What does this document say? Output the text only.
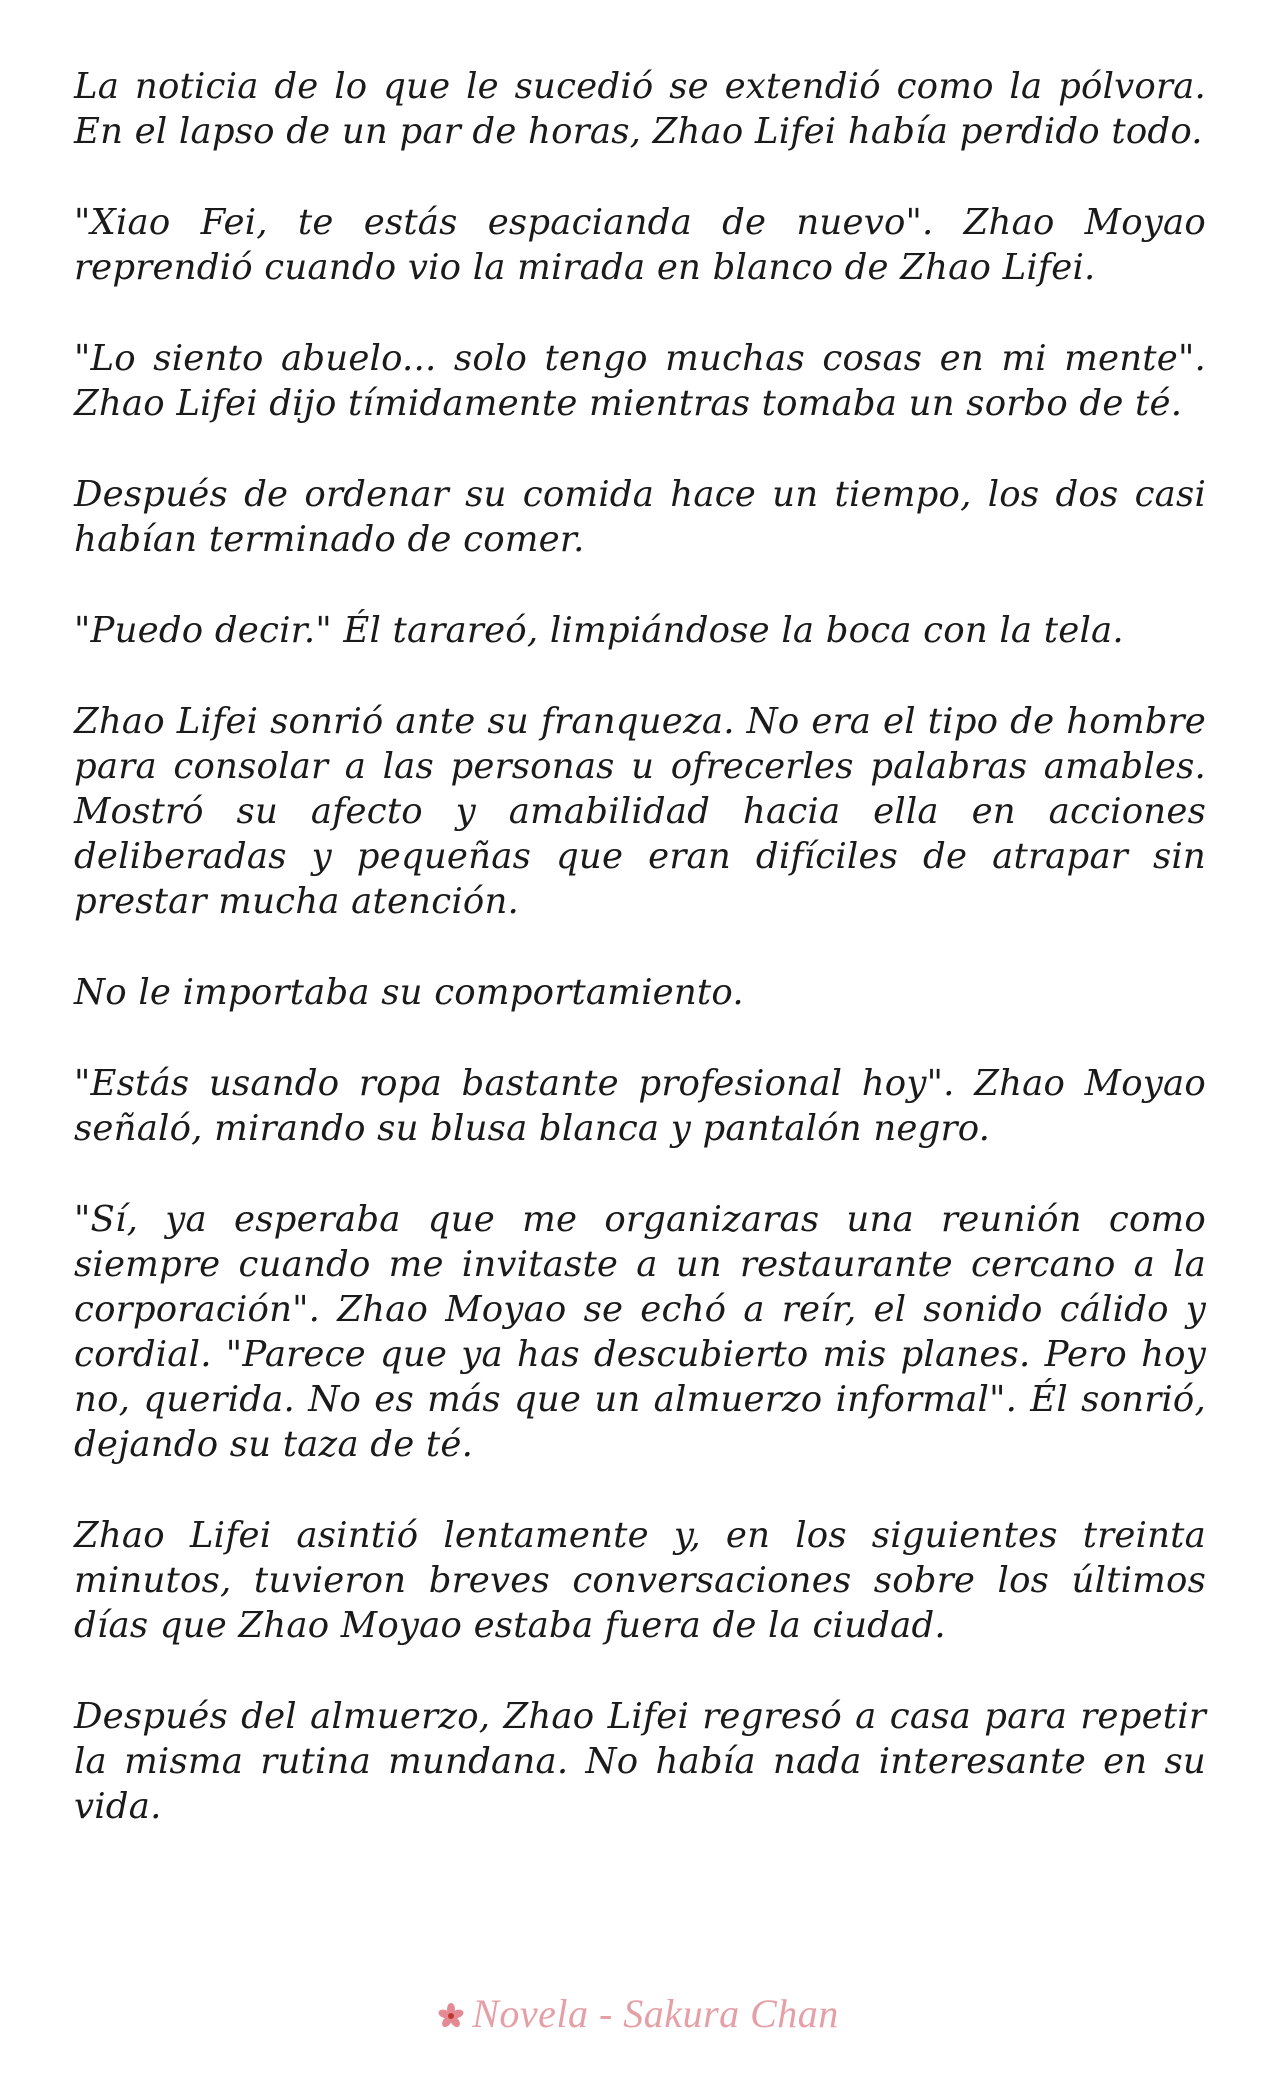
La noticia de lo que le sucedió se extendió como la pólvora. En el lapso de un par de horas, Zhao Lifei había perdido todo.

"Xiao Fei, te estás espacianda de nuevo". Zhao Moyao reprendió cuando vio la mirada en blanco de Zhao Lifei.

"Lo siento abuelo... solo tengo muchas cosas en mi mente". Zhao Lifei dijo tímidamente mientras tomaba un sorbo de té.

Después de ordenar su comida hace un tiempo, los dos casi habían terminado de comer.

"Puedo decir." Él tarareó, limpiándose la boca con la tela.

Zhao Lifei sonrió ante su franqueza. No era el tipo de hombre para consolar a las personas u ofrecerles palabras amables. Mostró su afecto y amabilidad hacia ella en acciones deliberadas y pequeñas que eran difíciles de atrapar sin prestar mucha atención.

No le importaba su comportamiento.

"Estás usando ropa bastante profesional hoy". Zhao Moyao señaló, mirando su blusa blanca y pantalón negro.

"Sí, ya esperaba que me organizaras una reunión como siempre cuando me invitaste a un restaurante cercano a la corporación". Zhao Moyao se echó a reír, el sonido cálido y cordial. "Parece que ya has descubierto mis planes. Pero hoy no, querida. No es más que un almuerzo informal". Él sonrió, dejando su taza de té.

Zhao Lifei asintió lentamente y, en los siguientes treinta minutos, tuvieron breves conversaciones sobre los últimos días que Zhao Moyao estaba fuera de la ciudad.

Después del almuerzo, Zhao Lifei regresó a casa para repetir la misma rutina mundana. No había nada interesante en su vida.

Novela - Sakura Chan
